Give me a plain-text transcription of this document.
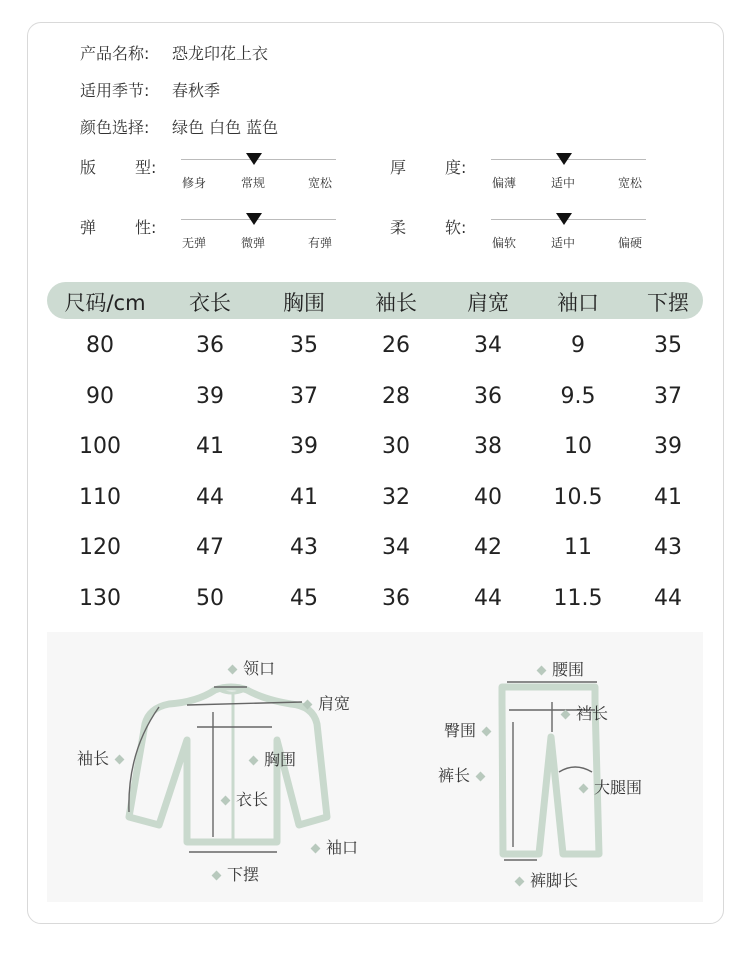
产品名称: 恐龙印花上衣
适用季节: 春秋季
颜色选择: 绿色 白色 蓝色
版 型:
修身	常规	宽松
厚 度:
偏薄	适中	宽松
弹 性:
无弹	微弹	有弹
柔 软:
偏软	适中	偏硬
尺码/cm 衣长 胸围 袖长 肩宽 袖口 下摆
80	36	35	26	34	9	35
90	39	37	28	36	9.5	37
100	41	39	30	38	10	39
110	44	41	32	40 10.5 41
120	47	43	34	42	11	43
130	50	45	36	44 11.5 44
领口
肩宽
袖长	胸围
衣长
袖口
下摆
腰围
裆长
臀围
裤长
大腿围
裤脚长
